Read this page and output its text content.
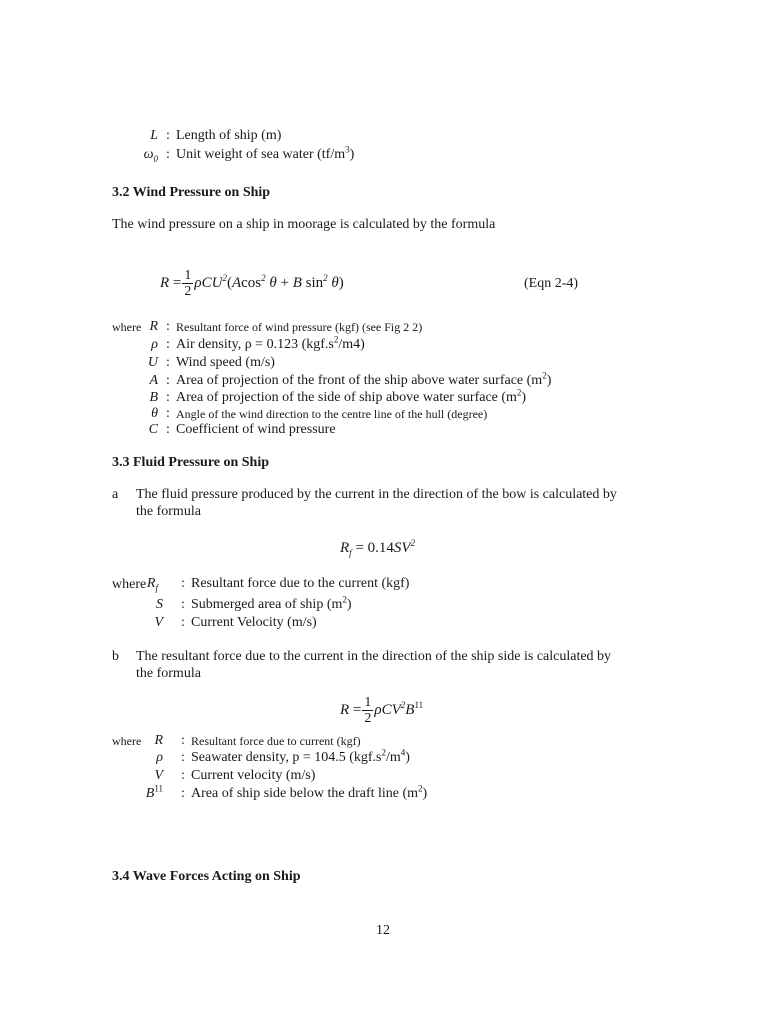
L : Length of ship (m)
$\omega_0$ : Unit weight of sea water $(tf/m^3)$
3.2 Wind Pressure on Ship
The wind pressure on a ship in moorage is calculated by the formula
$R = \frac{1}{2} \rho CU^2(Acos^2$ θ + B $\sin^2 \theta$)	(Eqn 2-4)
where R : Resultant force of wind pressure (kgf) (see Fig 2 2)
ρ : Air density, ρ = 0.123 $(kgf.s^2/m4)$
U : Wind speed (m/s)
A : Area of projection of the front of the ship above water surface $(m^2)$
B : Area of projection of the side of ship above water surface $(m^2)$
θ : Angle of the wind direction to the centre line of the hull (degree)
C : Coefficient of wind pressure
3.3 Fluid Pressure on Ship
a The fluid pressure produced by the current in the direction of the bow is calculated by
the formula
$R_f = 0.14SV^2$
where $R_f$ : Resultant force due to the current (kgf)
S : Submerged area of ship $(m^2)$
V : Current Velocity (m/s)
b The resultant force due to the current in the direction of the ship side is calculated by
the formula
$R = \frac{1}{2} \rho CV^2B^{11}$
where R : Resultant force due to current (kgf)
ρ : Seawater density, p = 104.5 $(kgf.s^2/m^4)$
V : Current velocity (m/s)
$B^{11}$ : Area of ship side below the draft line $(m^2)$
3.4 Wave Forces Acting on Ship
12
